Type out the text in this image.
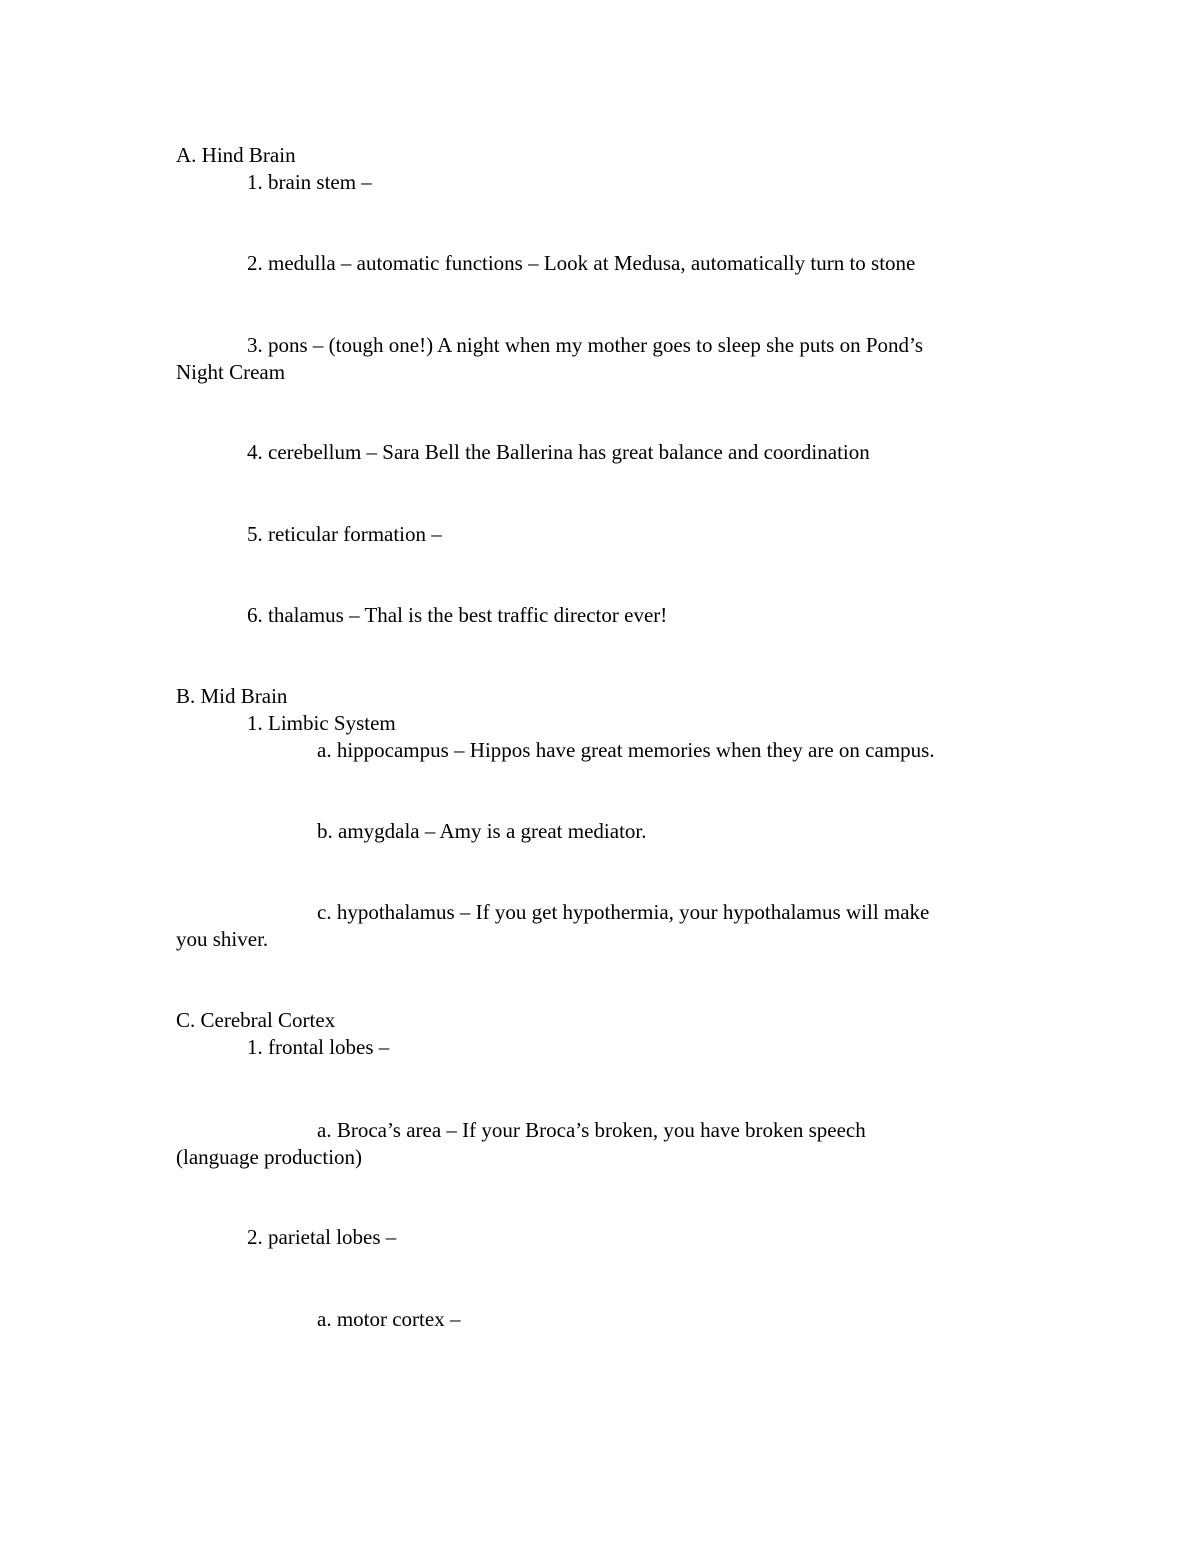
A. Hind Brain
1. brain stem –
2. medulla – automatic functions – Look at Medusa, automatically turn to stone
3. pons – (tough one!) A night when my mother goes to sleep she puts on Pond’s
Night Cream
4. cerebellum – Sara Bell the Ballerina has great balance and coordination
5. reticular formation –
6. thalamus – Thal is the best traffic director ever!
B. Mid Brain
1. Limbic System
a. hippocampus – Hippos have great memories when they are on campus.
b. amygdala – Amy is a great mediator.
c. hypothalamus – If you get hypothermia, your hypothalamus will make
you shiver.
C. Cerebral Cortex
1. frontal lobes –
a. Broca’s area – If your Broca’s broken, you have broken speech
(language production)
2. parietal lobes –
a. motor cortex –
